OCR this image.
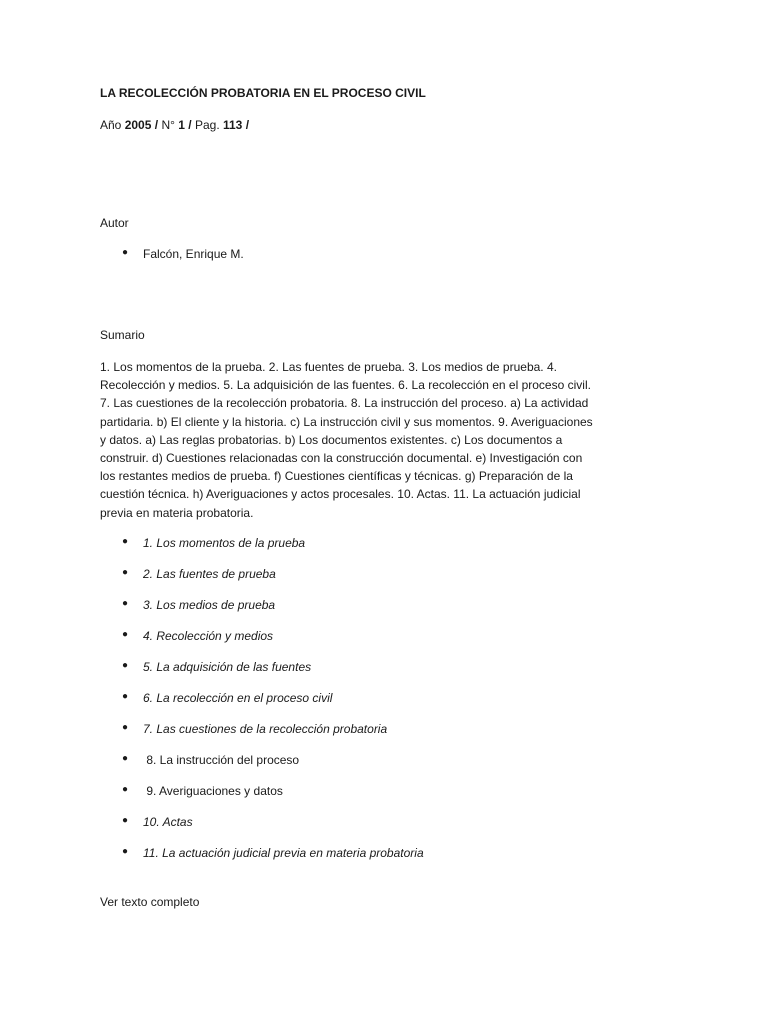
LA RECOLECCIÓN PROBATORIA EN EL PROCESO CIVIL
Año 2005 / N° 1 / Pag. 113 /
Autor
● Falcón, Enrique M.
Sumario
1. Los momentos de la prueba. 2. Las fuentes de prueba. 3. Los medios de prueba. 4. Recolección y medios. 5. La adquisición de las fuentes. 6. La recolección en el proceso civil. 7. Las cuestiones de la recolección probatoria. 8. La instrucción del proceso. a) La actividad partidaria. b) El cliente y la historia. c) La instrucción civil y sus momentos. 9. Averiguaciones y datos. a) Las reglas probatorias. b) Los documentos existentes. c) Los documentos a construir. d) Cuestiones relacionadas con la construcción documental. e) Investigación con los restantes medios de prueba. f) Cuestiones científicas y técnicas. g) Preparación de la cuestión técnica. h) Averiguaciones y actos procesales. 10. Actas. 11. La actuación judicial previa en materia probatoria.
● 1. Los momentos de la prueba
● 2. Las fuentes de prueba
● 3. Los medios de prueba
● 4. Recolección y medios
● 5. La adquisición de las fuentes
● 6. La recolección en el proceso civil
● 7. Las cuestiones de la recolección probatoria
● 8. La instrucción del proceso
● 9. Averiguaciones y datos
● 10. Actas
● 11. La actuación judicial previa en materia probatoria
Ver texto completo
